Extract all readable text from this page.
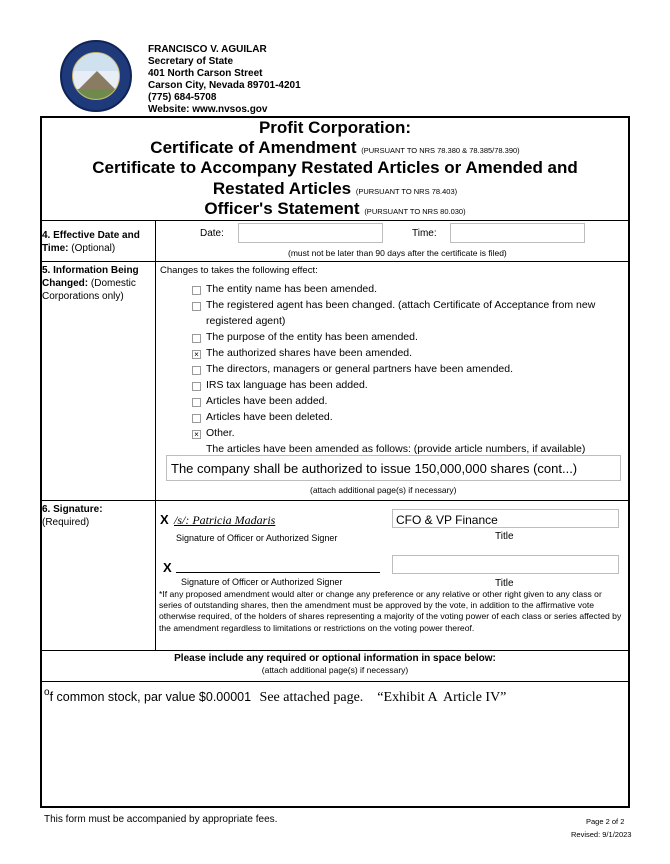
FRANCISCO V. AGUILAR
Secretary of State
401 North Carson Street
Carson City, Nevada 89701-4201
(775) 684-5708
Website: www.nvsos.gov
Profit Corporation:
Certificate of Amendment (PURSUANT TO NRS 78.380 & 78.385/78.390)
Certificate to Accompany Restated Articles or Amended and
Restated Articles (PURSUANT TO NRS 78.403)
Officer's Statement (PURSUANT TO NRS 80.030)
4. Effective Date and
Time: (Optional)
Date:	Time:
(must not be later than 90 days after the certificate is filed)
5. Information Being
Changed: (Domestic
Corporations only)
Changes to takes the following effect:
The entity name has been amended.
The registered agent has been changed. (attach Certificate of Acceptance from new
registered agent)
The purpose of the entity has been amended.
× The authorized shares have been amended.
The directors, managers or general partners have been amended.
IRS tax language has been added.
Articles have been added.
Articles have been deleted.
× Other.
The articles have been amended as follows: (provide article numbers, if available)
The company shall be authorized to issue 150,000,000 shares (cont...)
(attach additional page(s) if necessary)
6. Signature:
(Required)	X /s/: Patricia Madaris
Signature of Officer or Authorized Signer
CFO & VP Finance
Title
X
Signature of Officer or Authorized Signer	Title
*If any proposed amendment would alter or change any preference or any relative or other right given to any class or series of outstanding shares, then the amendment must be approved by the vote, in addition to the affirmative vote otherwise required, of the holders of shares representing a majority of the voting power of each class or series affected by the amendment regardless to limitations or restrictions on the voting power thereof.
Please include any required or optional information in space below:
(attach additional page(s) if necessary)
$^o$f common stock, par value $0.00001 See attached page.    “Exhibit A  Article IV”
This form must be accompanied by appropriate fees.	Page 2 of 2
Revised: 9/1/2023
